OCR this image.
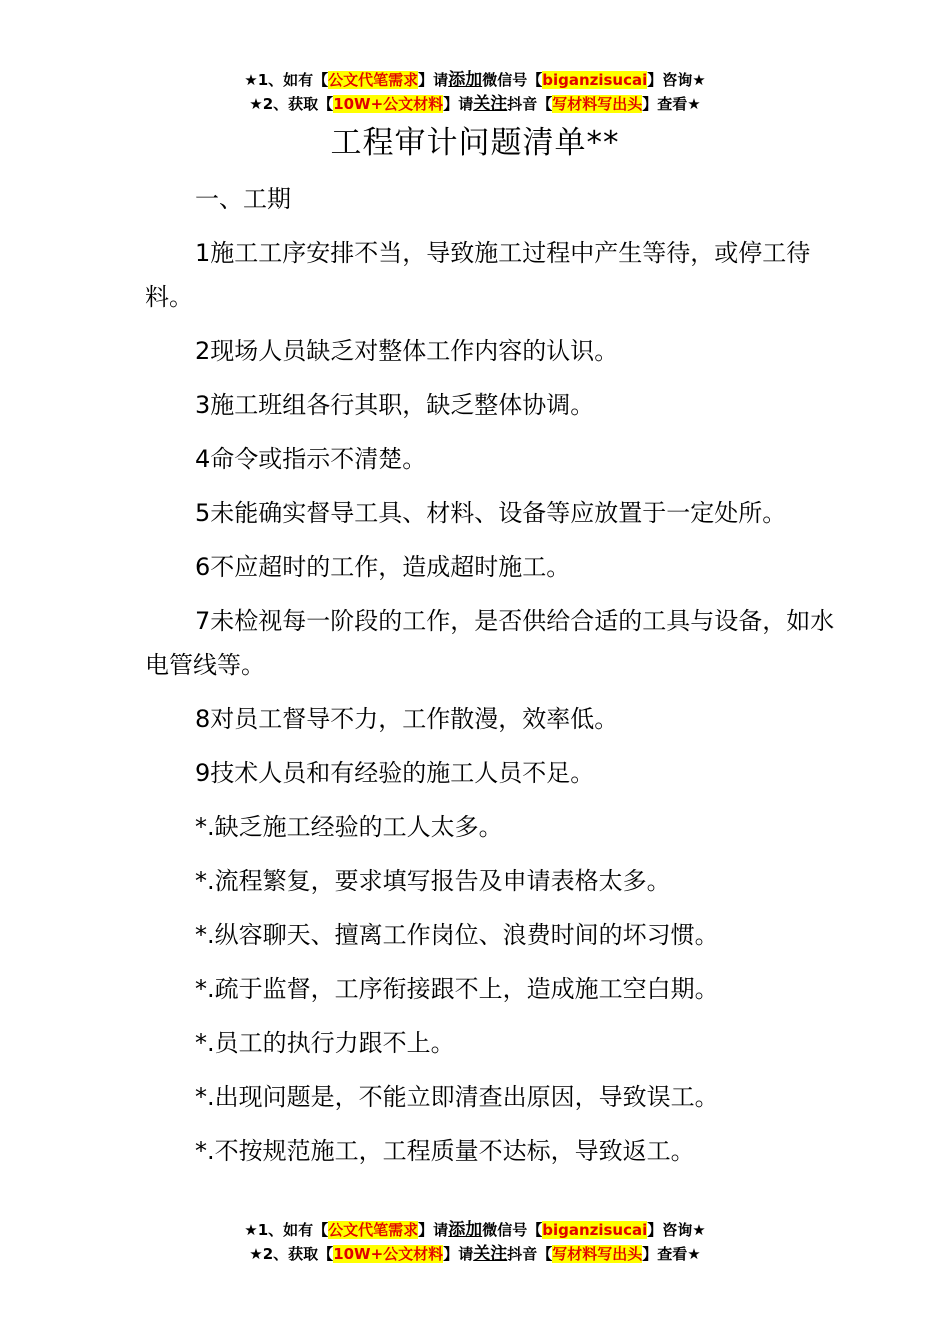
★1、如有【公文代笔需求】请添加微信号【biganzisucai】咨询★
★2、获取【10W+公文材料】请关注抖音【写材料写出头】查看★
工程审计问题清单**

一、工期

1施工工序安排不当，导致施工过程中产生等待，或停工待料。

2现场人员缺乏对整体工作内容的认识。

3施工班组各行其职，缺乏整体协调。

4命令或指示不清楚。

5未能确实督导工具、材料、设备等应放置于一定处所。

6不应超时的工作，造成超时施工。

7未检视每一阶段的工作，是否供给合适的工具与设备，如水电管线等。

8对员工督导不力，工作散漫，效率低。

9技术人员和有经验的施工人员不足。

*.缺乏施工经验的工人太多。

*.流程繁复，要求填写报告及申请表格太多。

*.纵容聊天、擅离工作岗位、浪费时间的坏习惯。

*.疏于监督，工序衔接跟不上，造成施工空白期。

*.员工的执行力跟不上。

*.出现问题是，不能立即清查出原因，导致误工。

*.不按规范施工，工程质量不达标，导致返工。

★1、如有【公文代笔需求】请添加微信号【biganzisucai】咨询★
★2、获取【10W+公文材料】请关注抖音【写材料写出头】查看★
